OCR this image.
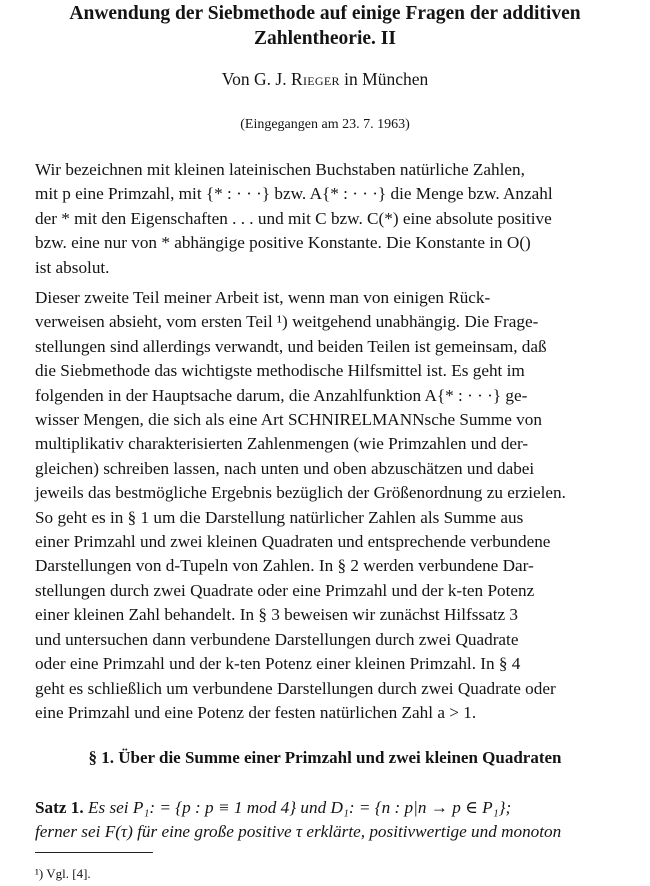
Anwendung der Siebmethode auf einige Fragen der additiven
Zahlentheorie. II
Von G. J. Rieger in München
(Eingegangen am 23. 7. 1963)
Wir bezeichnen mit kleinen lateinischen Buchstaben natürliche Zahlen,
mit p eine Primzahl, mit {* : · · ·} bzw. A{* : · · ·} die Menge bzw. Anzahl
der * mit den Eigenschaften . . . und mit C bzw. C(*) eine absolute positive
bzw. eine nur von * abhängige positive Konstante. Die Konstante in O()
ist absolut.
Dieser zweite Teil meiner Arbeit ist, wenn man von einigen Rück-
verweisen absieht, vom ersten Teil ¹) weitgehend unabhängig. Die Frage-
stellungen sind allerdings verwandt, und beiden Teilen ist gemeinsam, daß
die Siebmethode das wichtigste methodische Hilfsmittel ist. Es geht im
folgenden in der Hauptsache darum, die Anzahlfunktion A{* : · · ·} ge-
wisser Mengen, die sich als eine Art SCHNIRELMANNsche Summe von
multiplikativ charakterisierten Zahlenmengen (wie Primzahlen und der-
gleichen) schreiben lassen, nach unten und oben abzuschätzen und dabei
jeweils das bestmögliche Ergebnis bezüglich der Größenordnung zu erzielen.
So geht es in § 1 um die Darstellung natürlicher Zahlen als Summe aus
einer Primzahl und zwei kleinen Quadraten und entsprechende verbundene
Darstellungen von d-Tupeln von Zahlen. In § 2 werden verbundene Dar-
stellungen durch zwei Quadrate oder eine Primzahl und der k-ten Potenz
einer kleinen Zahl behandelt. In § 3 beweisen wir zunächst Hilfssatz 3
und untersuchen dann verbundene Darstellungen durch zwei Quadrate
oder eine Primzahl und der k-ten Potenz einer kleinen Primzahl. In § 4
geht es schließlich um verbundene Darstellungen durch zwei Quadrate oder
eine Primzahl und eine Potenz der festen natürlichen Zahl a > 1.
§ 1. Über die Summe einer Primzahl und zwei kleinen Quadraten
Satz 1. Es sei P₁: = {p : p ≡ 1 mod 4} und D₁: = {n : p|n → p ∈ P₁};
ferner sei F(τ) für eine große positive τ erklärte, positivwertige und monoton
¹) Vgl. [4].
